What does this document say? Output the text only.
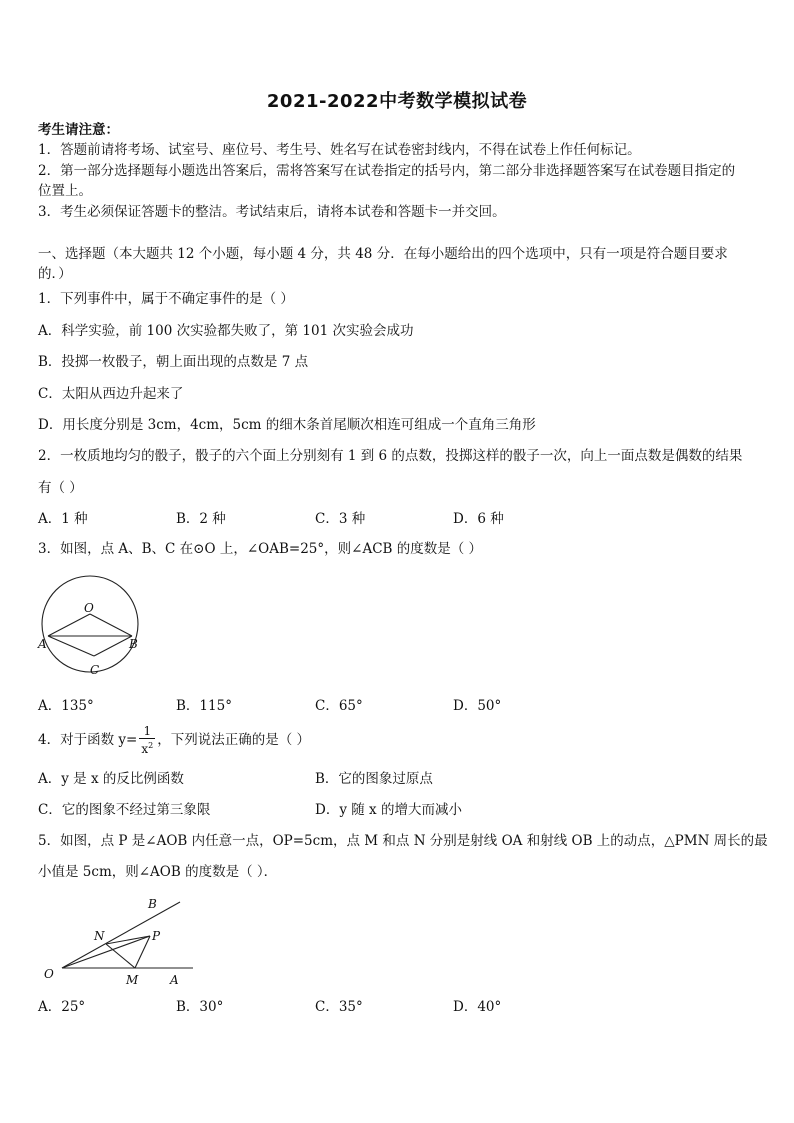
2021-2022中考数学模拟试卷
考生请注意：
1．答题前请将考场、试室号、座位号、考生号、姓名写在试卷密封线内，不得在试卷上作任何标记。
2．第一部分选择题每小题选出答案后，需将答案写在试卷指定的括号内，第二部分非选择题答案写在试卷题目指定的
位置上。
3．考生必须保证答题卡的整洁。考试结束后，请将本试卷和答题卡一并交回。
一、选择题（本大题共 12 个小题，每小题 4 分，共 48 分．在每小题给出的四个选项中，只有一项是符合题目要求
的．）
1．下列事件中，属于不确定事件的是（ ）
A．科学实验，前 100 次实验都失败了，第 101 次实验会成功
B．投掷一枚骰子，朝上面出现的点数是 7 点
C．太阳从西边升起来了
D．用长度分别是 3cm，4cm，5cm 的细木条首尾顺次相连可组成一个直角三角形
2．一枚质地均匀的骰子，骰子的六个面上分别刻有 1 到 6 的点数，投掷这样的骰子一次，向上一面点数是偶数的结果
有（ ）
A．1 种	B．2 种	C．3 种	D．6 种
3．如图，点 A、B、C 在⊙O 上，∠OAB=25°，则∠ACB 的度数是（ ）
O
A	B
C
A．135°	B．115°	C．65°	D．50°
4．对于函数 $y= \frac{1}{x^2}$ ，下列说法正确的是（ ）
A．y 是 x 的反比例函数	B．它的图象过原点
C．它的图象不经过第三象限	D．y 随 x 的增大而减小
5．如图，点 P 是∠AOB 内任意一点，OP=5cm，点 M 和点 N 分别是射线 OA 和射线 OB 上的动点，△PMN 周长的最
小值是 5cm，则∠AOB 的度数是（ ）．
B
N	P
O	M	A
A．25°	B．30°	C．35°	D．40°
